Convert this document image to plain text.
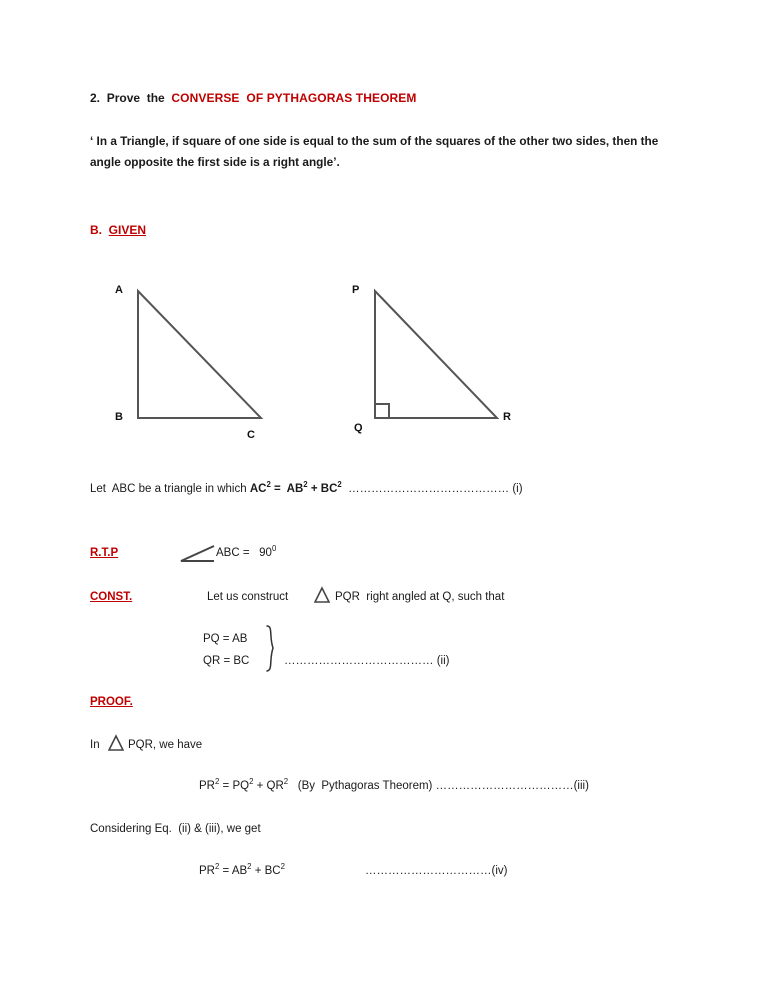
2. Prove  the CONVERSE  OF PYTHAGORAS THEOREM
‘ In a Triangle, if square of one side is equal to the sum of the squares of the other two sides, then the angle opposite the first side is a right angle’.
B. GIVEN
A
B
C
P
Q
R
Let  ABC be a triangle in which $AC^2 = AB^2 + BC^2$  …………………………………… (i)
R.T.P	ABC =   $90^0$
CONST.	Let us construct	PQR  right angled at Q, such that
PQ = AB
QR = BC	………………………………… (ii)
PROOF.
In PQR, we have
$PR^2 = PQ^2 + QR^2$   (By  Pythagoras Theorem) ………………………………(iii)
Considering Eq.  (ii) & (iii), we get
$PR^2 = AB^2 + BC^2$	……………………………(iv)
